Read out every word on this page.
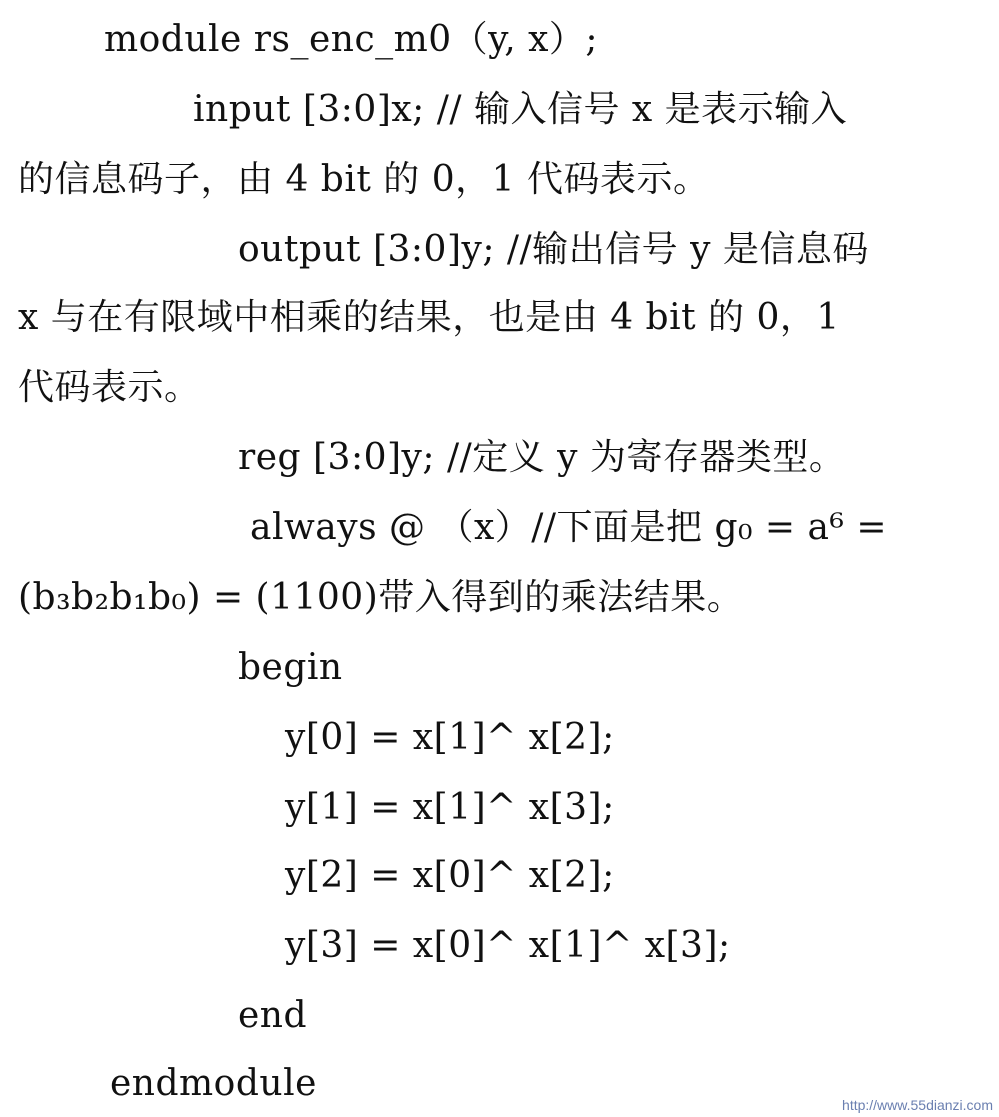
module rs_enc_m0（y, x）;
input [3:0]x; // 输入信号 x 是表示输入
的信息码子，由 4 bit 的 0，1 代码表示。
output [3:0]y; //输出信号 y 是信息码
x 与在有限域中相乘的结果，也是由 4 bit 的 0，1
代码表示。
reg [3:0]y; //定义 y 为寄存器类型。
always @ （x）//下面是把 g₀ = a⁶ =
(b₃b₂b₁b₀) = (1100)带入得到的乘法结果。
begin
y[0] = x[1]^ x[2];
y[1] = x[1]^ x[3];
y[2] = x[0]^ x[2];
y[3] = x[0]^ x[1]^ x[3];
end
endmodule
http://www.55dianzi.com
